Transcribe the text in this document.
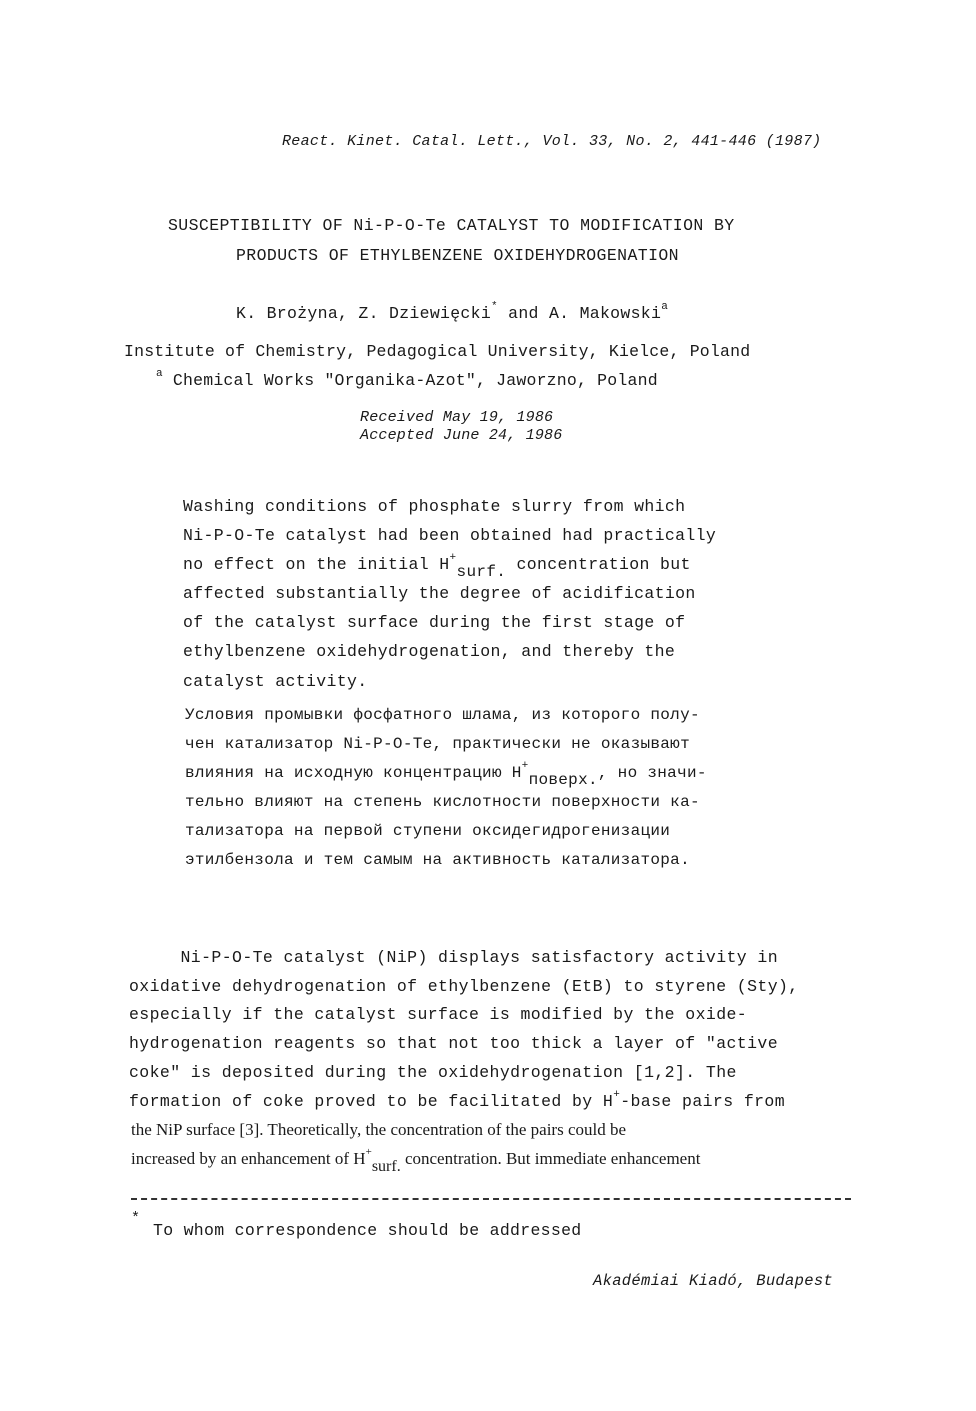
React. Kinet. Catal. Lett., Vol. 33, No. 2, 441-446 (1987)
SUSCEPTIBILITY OF Ni-P-O-Te CATALYST TO MODIFICATION BY
PRODUCTS OF ETHYLBENZENE OXIDEHYDROGENATION
K. Brożyna, Z. Dziewięcki* and A. Makowski$^a$
Institute of Chemistry, Pedagogical University, Kielce, Poland
$^a$ Chemical Works "Organika-Azot", Jaworzno, Poland
Received May 19, 1986
Accepted June 24, 1986
Washing conditions of phosphate slurry from which
Ni-P-O-Te catalyst had been obtained had practically
no effect on the initial $H^+_{surf.}$ concentration but
affected substantially the degree of acidification
of the catalyst surface during the first stage of
ethylbenzene oxidehydrogenation, and thereby the
catalyst activity.
Условия промывки фосфатного шлама, из которого полу-
чен катализатор Ni-P-O-Te, практически не оказывают
влияния на исходную концентрацию $H^+_{поверх.}$, но значи-
тельно влияют на степень кислотности поверхности ка-
тализатора на первой ступени оксидегидрогенизации
этилбензола и тем самым на активность катализатора.
Ni-P-O-Te catalyst (NiP) displays satisfactory activity in
oxidative dehydrogenation of ethylbenzene (EtB) to styrene (Sty),
especially if the catalyst surface is modified by the oxide-
hydrogenation reagents so that not too thick a layer of "active
coke" is deposited during the oxidehydrogenation [1,2]. The
formation of coke proved to be facilitated by H+-base pairs from
the NiP surface [3]. Theoretically, the concentration of the pairs could be
increased by an enhancement of $H^+_{surf.}$ concentration. But immediate enhancement
*
To whom correspondence should be addressed
Akadémiai Kiadó, Budapest
